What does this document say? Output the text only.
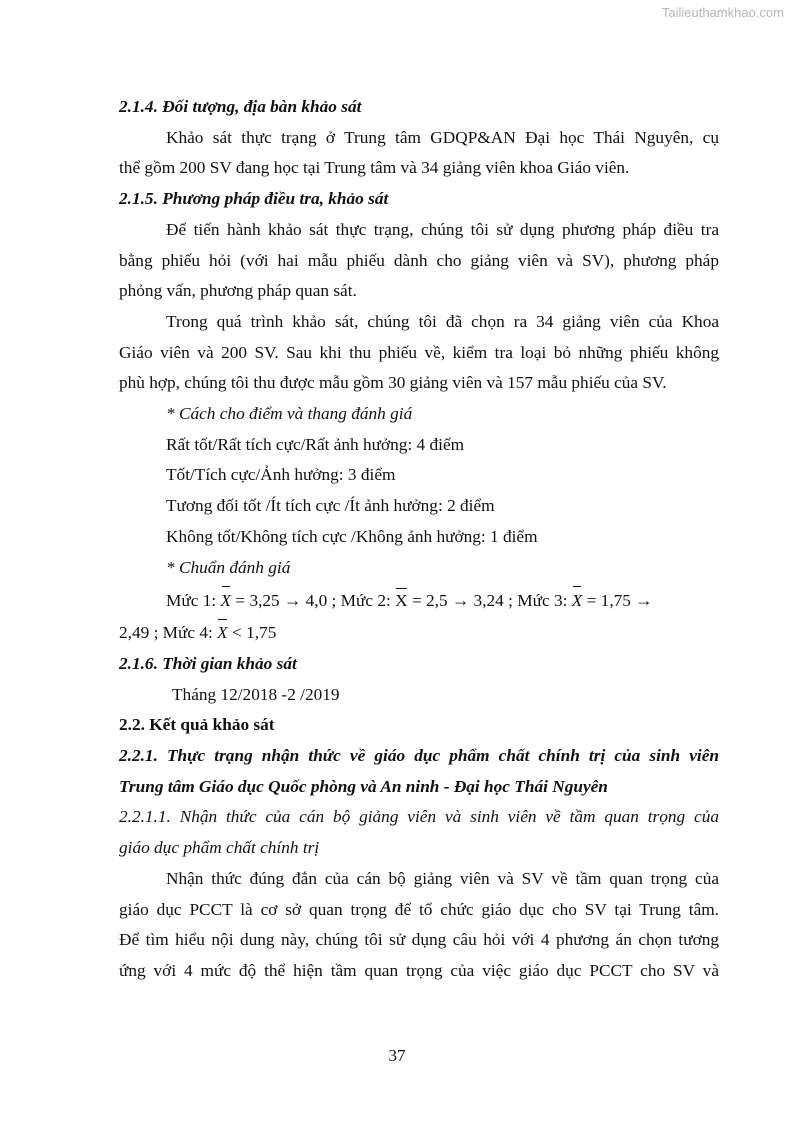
Tailieuthamkhao.com
2.1.4. Đối tượng, địa bàn khảo sát
Khảo sát thực trạng ở Trung tâm GDQP&AN Đại học Thái Nguyên, cụ
thể gồm 200 SV đang học tại Trung tâm và 34 giảng viên khoa Giáo viên.
2.1.5. Phương pháp điều tra, khảo sát
Để tiến hành khảo sát thực trạng, chúng tôi sử dụng phương pháp điều tra
bằng phiếu hỏi (với hai mẫu phiếu dành cho giảng viên và SV), phương pháp
phỏng vấn, phương pháp quan sát.
Trong quá trình khảo sát, chúng tôi đã chọn ra 34 giảng viên của Khoa
Giáo viên và 200 SV. Sau khi thu phiếu về, kiểm tra loại bỏ những phiếu không
phù hợp, chúng tôi thu được mẫu gồm 30 giảng viên và 157 mẫu phiếu của SV.
* Cách cho điểm và thang đánh giá
Rất tốt/Rất tích cực/Rất ảnh hưởng: 4 điểm
Tốt/Tích cực/Ảnh hưởng: 3 điểm
Tương đối tốt /Ít tích cực /Ít ảnh hưởng: 2 điểm
Không tốt/Không tích cực /Không ảnh hưởng: 1 điểm
* Chuẩn đánh giá
Mức 1: X = 3,25 → 4,0 ; Mức 2: X = 2,5 → 3,24 ; Mức 3: X = 1,75 →
2,49 ; Mức 4: X < 1,75
2.1.6. Thời gian khảo sát
Tháng 12/2018 -2 /2019
2.2. Kết quả khảo sát
2.2.1. Thực trạng nhận thức về giáo dục phẩm chất chính trị của sinh viên
Trung tâm Giáo dục Quốc phòng và An ninh - Đại học Thái Nguyên
2.2.1.1. Nhận thức của cán bộ giảng viên và sinh viên về tầm quan trọng của
giáo dục phẩm chất chính trị
Nhận thức đúng đắn của cán bộ giảng viên và SV về tầm quan trọng của
giáo dục PCCT là cơ sở quan trọng để tổ chức giáo dục cho SV tại Trung tâm.
Để tìm hiểu nội dung này, chúng tôi sử dụng câu hỏi với 4 phương án chọn tương
ứng với 4 mức độ thể hiện tầm quan trọng của việc giáo dục PCCT cho SV và
37
